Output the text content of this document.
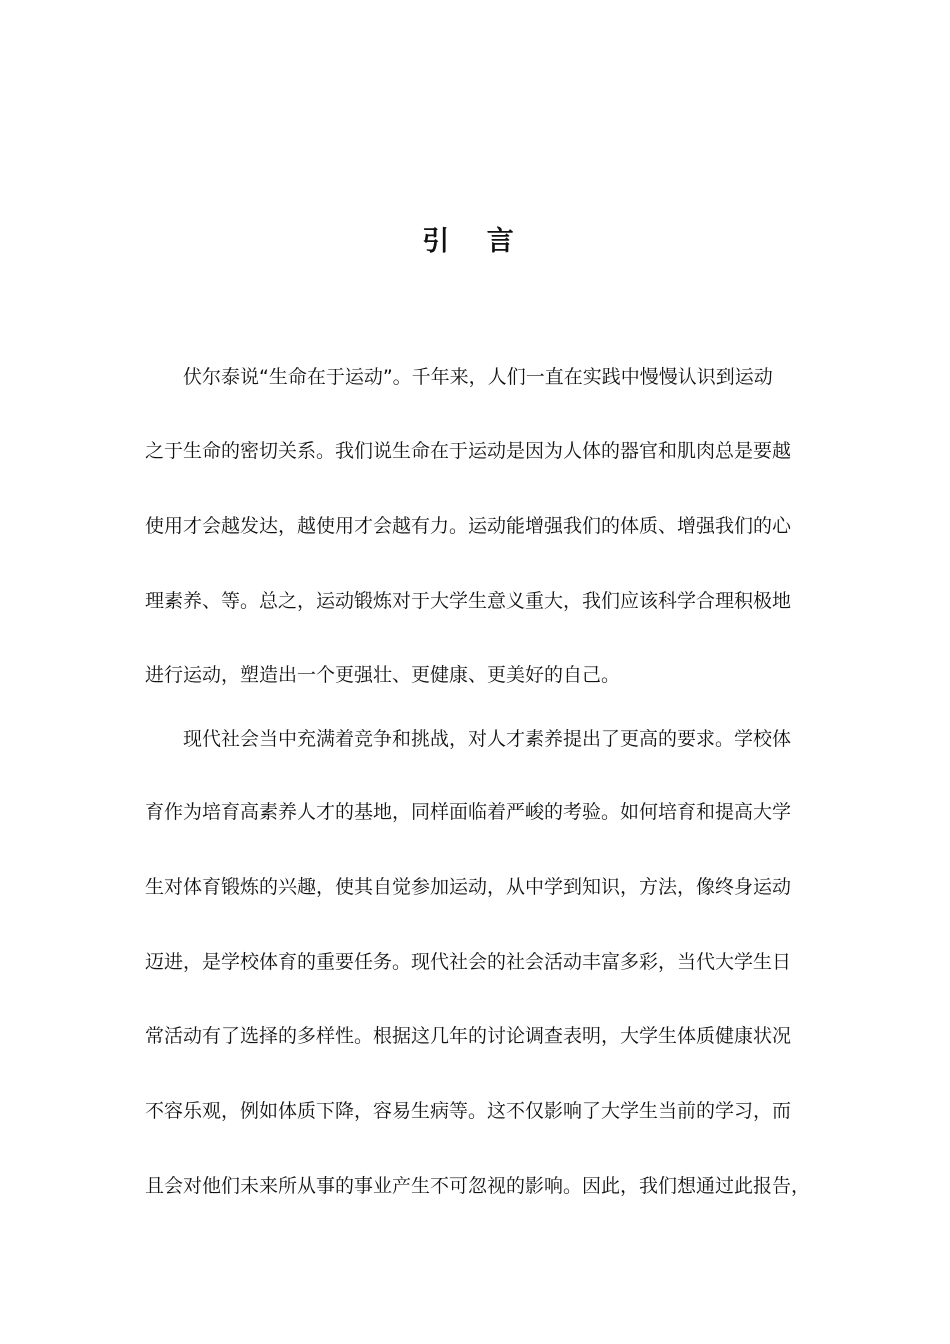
引 言

伏尔泰说“生命在于运动”。千年来，人们一直在实践中慢慢认识到运动

之于生命的密切关系。我们说生命在于运动是因为人体的器官和肌肉总是要越

使用才会越发达，越使用才会越有力。运动能增强我们的体质、增强我们的心

理素养、等。总之，运动锻炼对于大学生意义重大，我们应该科学合理积极地

进行运动，塑造出一个更强壮、更健康、更美好的自己。

现代社会当中充满着竞争和挑战，对人才素养提出了更高的要求。学校体

育作为培育高素养人才的基地，同样面临着严峻的考验。如何培育和提高大学

生对体育锻炼的兴趣，使其自觉参加运动，从中学到知识，方法，像终身运动

迈进，是学校体育的重要任务。现代社会的社会活动丰富多彩，当代大学生日

常活动有了选择的多样性。根据这几年的讨论调查表明，大学生体质健康状况

不容乐观，例如体质下降，容易生病等。这不仅影响了大学生当前的学习，而

且会对他们未来所从事的事业产生不可忽视的影响。因此，我们想通过此报告，
